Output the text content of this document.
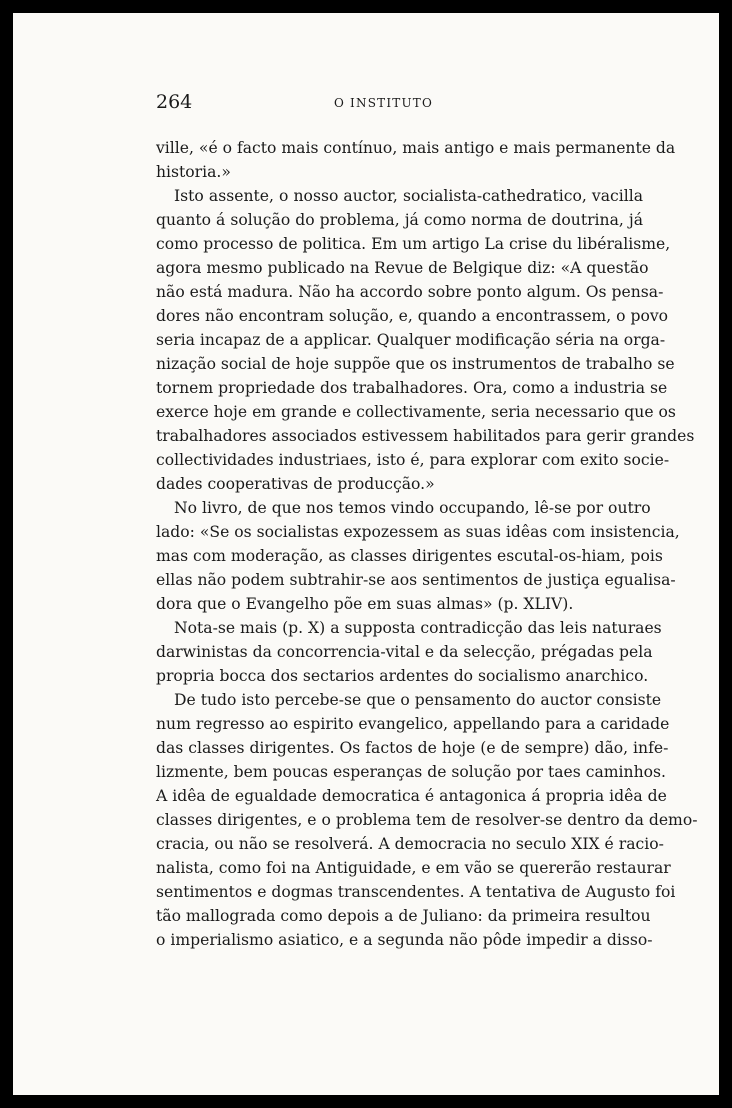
264	O INSTITUTO
ville, «é o facto mais contínuo, mais antigo e mais permanente da
historia.»
Isto assente, o nosso auctor, socialista-cathedratico, vacilla
quanto á solução do problema, já como norma de doutrina, já
como processo de politica. Em um artigo La crise du libéralisme,
agora mesmo publicado na Revue de Belgique diz: «A questão
não está madura. Não ha accordo sobre ponto algum. Os pensa-
dores não encontram solução, e, quando a encontrassem, o povo
seria incapaz de a applicar. Qualquer modificação séria na orga-
nização social de hoje suppõe que os instrumentos de trabalho se
tornem propriedade dos trabalhadores. Ora, como a industria se
exerce hoje em grande e collectivamente, seria necessario que os
trabalhadores associados estivessem habilitados para gerir grandes
collectividades industriaes, isto é, para explorar com exito socie-
dades cooperativas de producção.»
No livro, de que nos temos vindo occupando, lê-se por outro
lado: «Se os socialistas expozessem as suas idêas com insistencia,
mas com moderação, as classes dirigentes escutal-os-hiam, pois
ellas não podem subtrahir-se aos sentimentos de justiça egualisa-
dora que o Evangelho põe em suas almas» (p. XLIV).
Nota-se mais (p. X) a supposta contradicção das leis naturaes
darwinistas da concorrencia-vital e da selecção, prégadas pela
propria bocca dos sectarios ardentes do socialismo anarchico.
De tudo isto percebe-se que o pensamento do auctor consiste
num regresso ao espirito evangelico, appellando para a caridade
das classes dirigentes. Os factos de hoje (e de sempre) dão, infe-
lizmente, bem poucas esperanças de solução por taes caminhos.
A idêa de egualdade democratica é antagonica á propria idêa de
classes dirigentes, e o problema tem de resolver-se dentro da demo-
cracia, ou não se resolverá. A democracia no seculo XIX é racio-
nalista, como foi na Antiguidade, e em vão se quererão restaurar
sentimentos e dogmas transcendentes. A tentativa de Augusto foi
tão mallograda como depois a de Juliano: da primeira resultou
o imperialismo asiatico, e a segunda não pôde impedir a disso-
